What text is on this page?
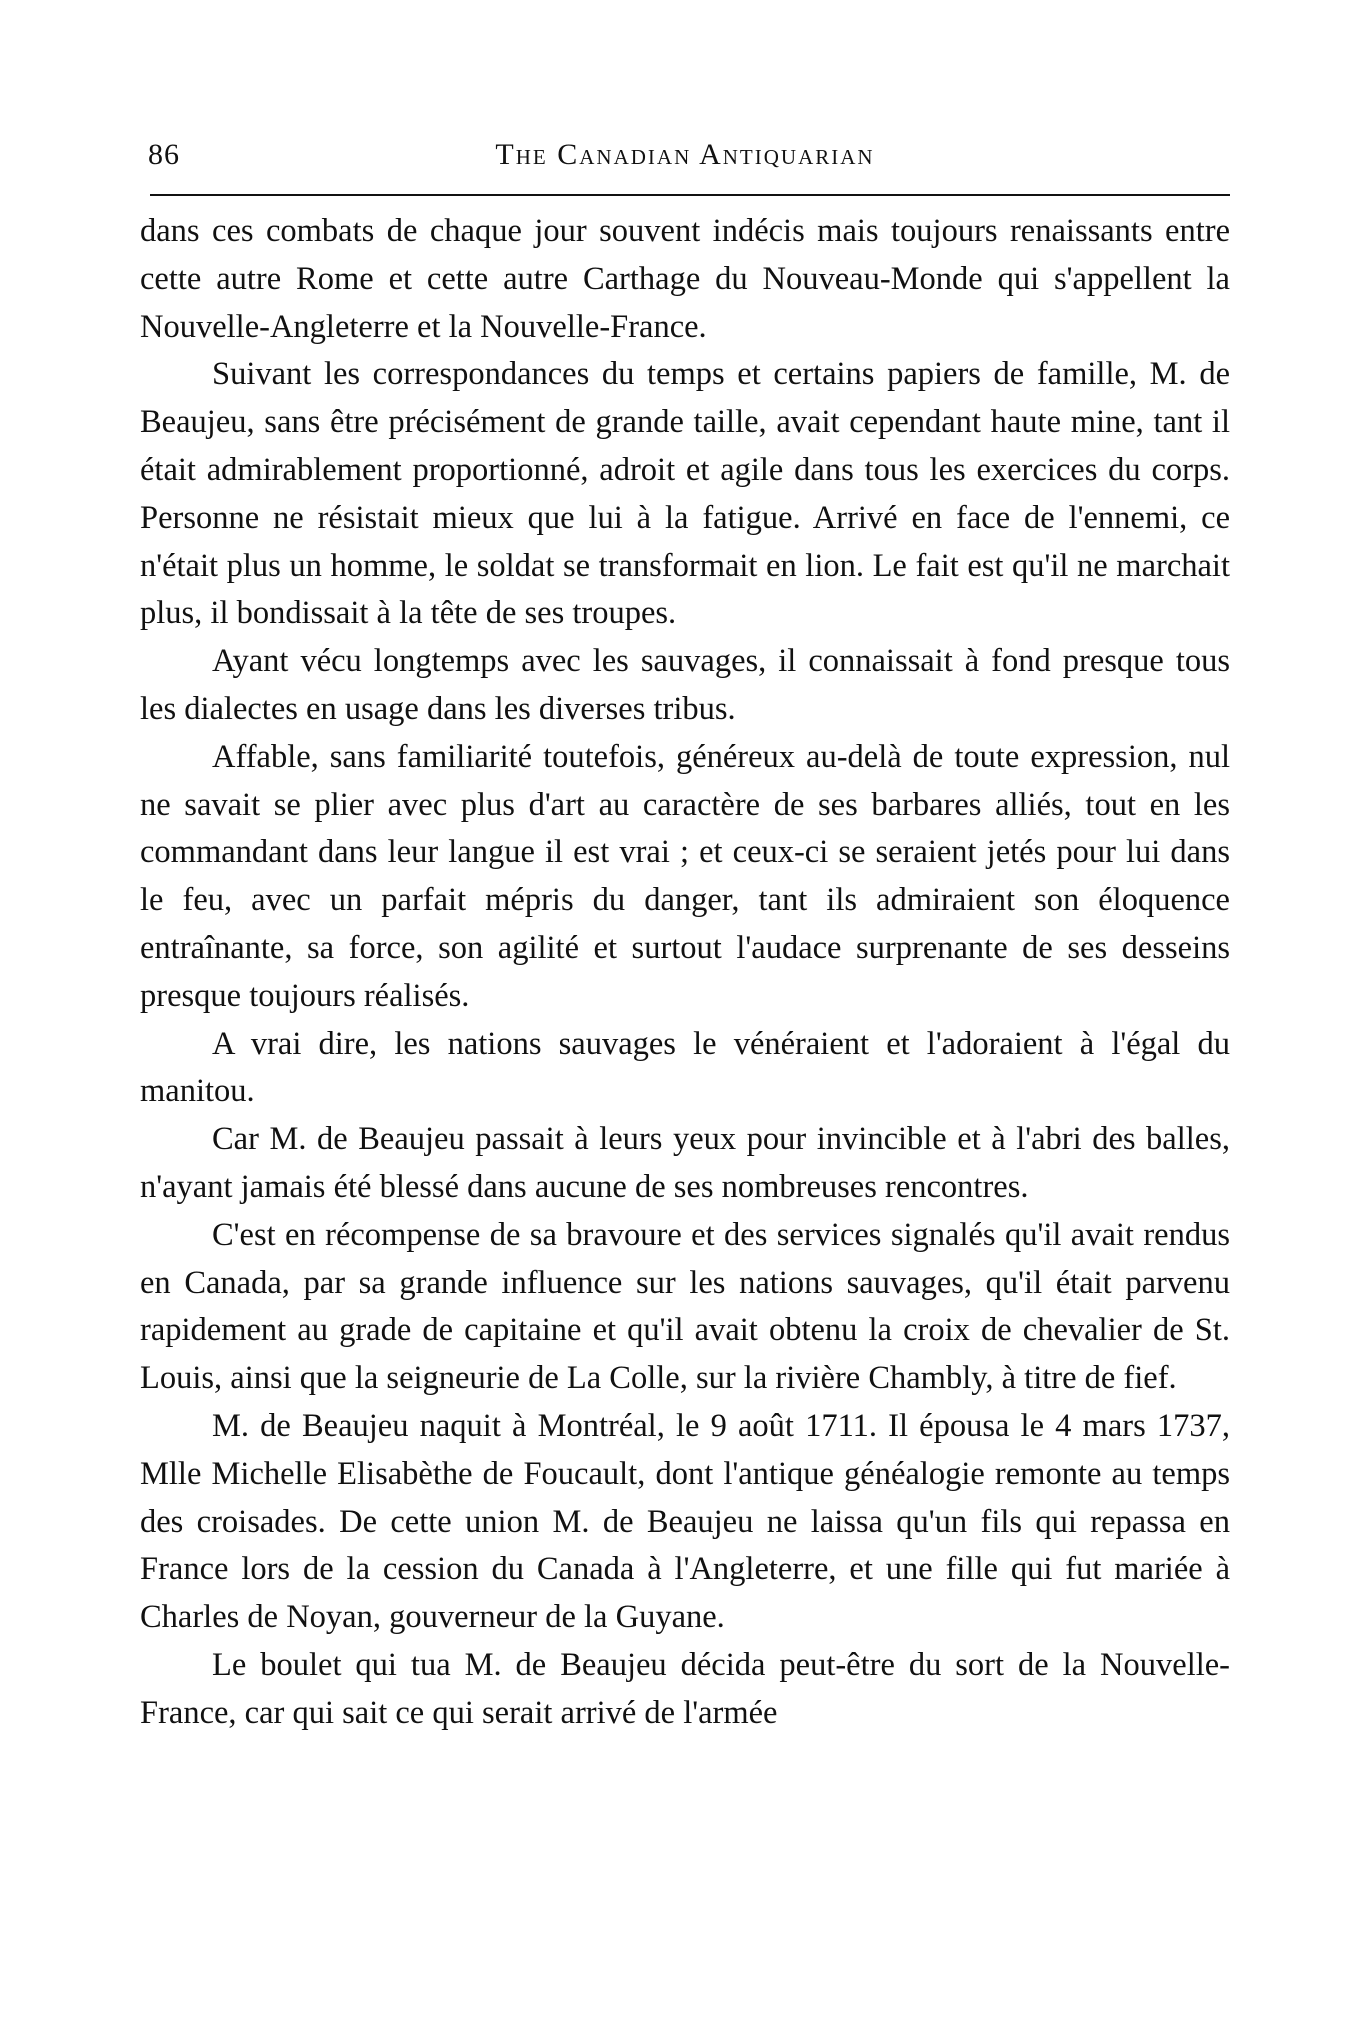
86	The Canadian Antiquarian

dans ces combats de chaque jour souvent indécis mais toujours renaissants entre cette autre Rome et cette autre Carthage du Nouveau-Monde qui s'appellent la Nouvelle-Angleterre et la Nouvelle-France.

Suivant les correspondances du temps et certains papiers de famille, M. de Beaujeu, sans être précisément de grande taille, avait cependant haute mine, tant il était admirablement proportionné, adroit et agile dans tous les exercices du corps. Personne ne résistait mieux que lui à la fatigue. Arrivé en face de l'ennemi, ce n'était plus un homme, le soldat se transformait en lion. Le fait est qu'il ne marchait plus, il bondissait à la tête de ses troupes.

Ayant vécu longtemps avec les sauvages, il connaissait à fond presque tous les dialectes en usage dans les diverses tribus.

Affable, sans familiarité toutefois, généreux au-delà de toute expression, nul ne savait se plier avec plus d'art au caractère de ses barbares alliés, tout en les commandant dans leur langue il est vrai ; et ceux-ci se seraient jetés pour lui dans le feu, avec un parfait mépris du danger, tant ils admiraient son éloquence entraînante, sa force, son agilité et surtout l'audace surprenante de ses desseins presque toujours réalisés.

A vrai dire, les nations sauvages le vénéraient et l'adoraient à l'égal du manitou.

Car M. de Beaujeu passait à leurs yeux pour invincible et à l'abri des balles, n'ayant jamais été blessé dans aucune de ses nombreuses rencontres.

C'est en récompense de sa bravoure et des services signalés qu'il avait rendus en Canada, par sa grande influence sur les nations sauvages, qu'il était parvenu rapidement au grade de capitaine et qu'il avait obtenu la croix de chevalier de St. Louis, ainsi que la seigneurie de La Colle, sur la rivière Chambly, à titre de fief.

M. de Beaujeu naquit à Montréal, le 9 août 1711. Il épousa le 4 mars 1737, Mlle Michelle Elisabèthe de Foucault, dont l'antique généalogie remonte au temps des croisades. De cette union M. de Beaujeu ne laissa qu'un fils qui repassa en France lors de la cession du Canada à l'Angleterre, et une fille qui fut mariée à Charles de Noyan, gouverneur de la Guyane.

Le boulet qui tua M. de Beaujeu décida peut-être du sort de la Nouvelle-France, car qui sait ce qui serait arrivé de l'armée
